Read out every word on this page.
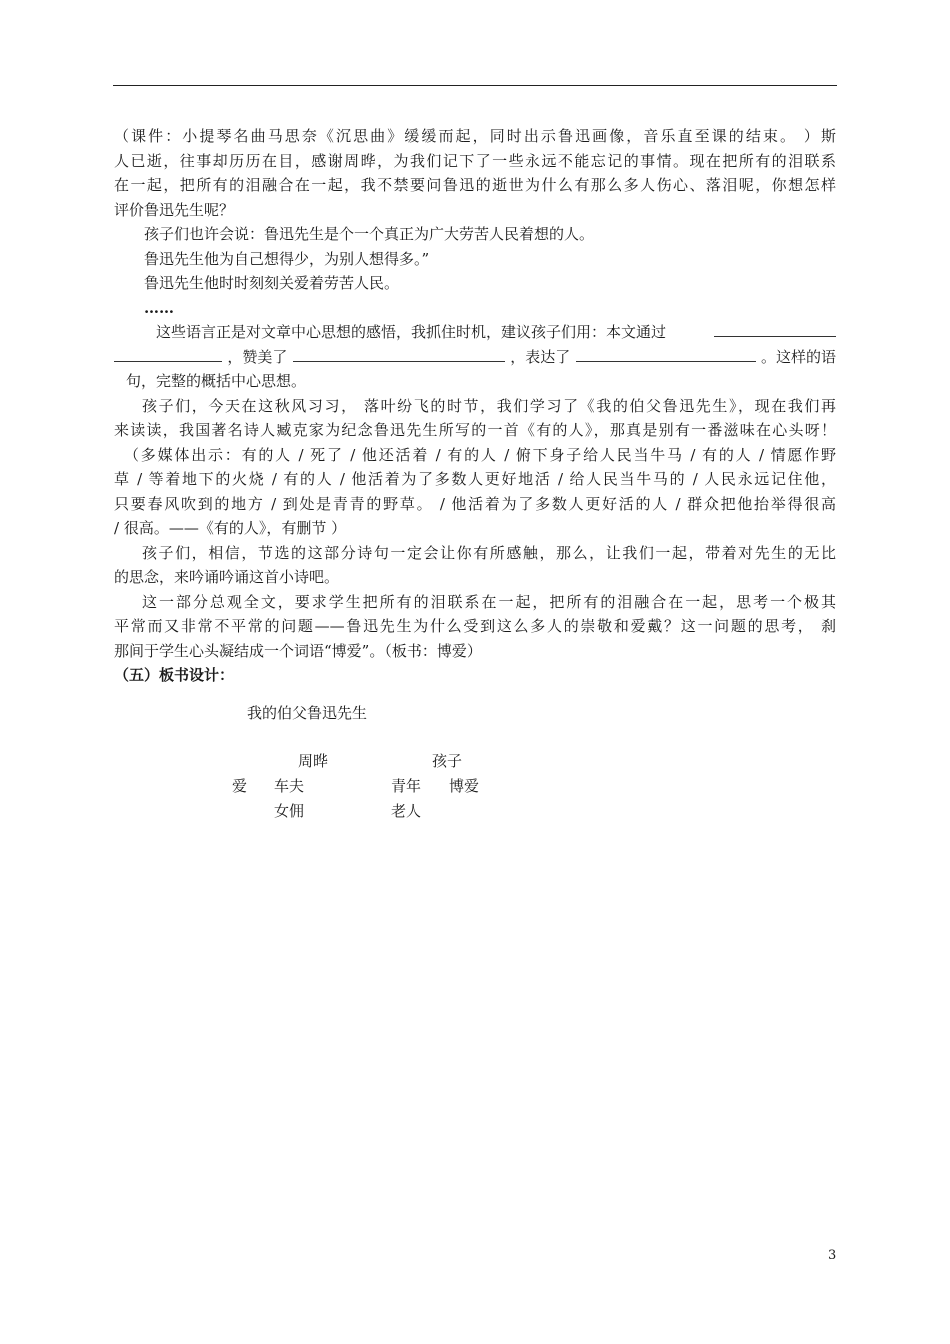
（课件：小提琴名曲马思奈《沉思曲》缓缓而起，同时出示鲁迅画像，音乐直至课的结束。 ）斯

人已逝，往事却历历在目，感谢周晔，为我们记下了一些永远不能忘记的事情。现在把所有的泪联系

在一起，把所有的泪融合在一起，我不禁要问鲁迅的逝世为什么有那么多人伤心、落泪呢，你想怎样

评价鲁迅先生呢？

孩子们也许会说：鲁迅先生是个一个真正为广大劳苦人民着想的人。

鲁迅先生他为自己想得少，为别人想得多。”

鲁迅先生他时时刻刻关爱着劳苦人民。

……

这些语言正是对文章中心思想的感悟，我抓住时机，建议孩子们用：本文通过
，赞美了	，表达了	。这样的语

句，完整的概括中心思想。

孩子们，今天在这秋风习习， 落叶纷飞的时节，我们学习了《我的伯父鲁迅先生》，现在我们再

来读读，我国著名诗人臧克家为纪念鲁迅先生所写的一首《有的人》，那真是别有一番滋味在心头呀！

（多媒体出示：有的人 / 死了 / 他还活着 / 有的人 / 俯下身子给人民当牛马 / 有的人 / 情愿作野

草 / 等着地下的火烧 / 有的人 / 他活着为了多数人更好地活 / 给人民当牛马的 / 人民永远记住他，

只要春风吹到的地方 / 到处是青青的野草。 / 他活着为了多数人更好活的人 / 群众把他抬举得很高

/ 很高。——《有的人》，有删节 ）

孩子们，相信，节选的这部分诗句一定会让你有所感触，那么，让我们一起，带着对先生的无比

的思念，来吟诵吟诵这首小诗吧。

这一部分总观全文，要求学生把所有的泪联系在一起，把所有的泪融合在一起，思考一个极其

平常而又非常不平常的问题——鲁迅先生为什么受到这么多人的崇敬和爱戴？这一问题的思考， 刹

那间于学生心头凝结成一个词语“博爱”。（板书：博爱）

（五）板书设计：

我的伯父鲁迅先生
周晔	孩子
爱 车夫	青年 博爱
女佣	老人
3
